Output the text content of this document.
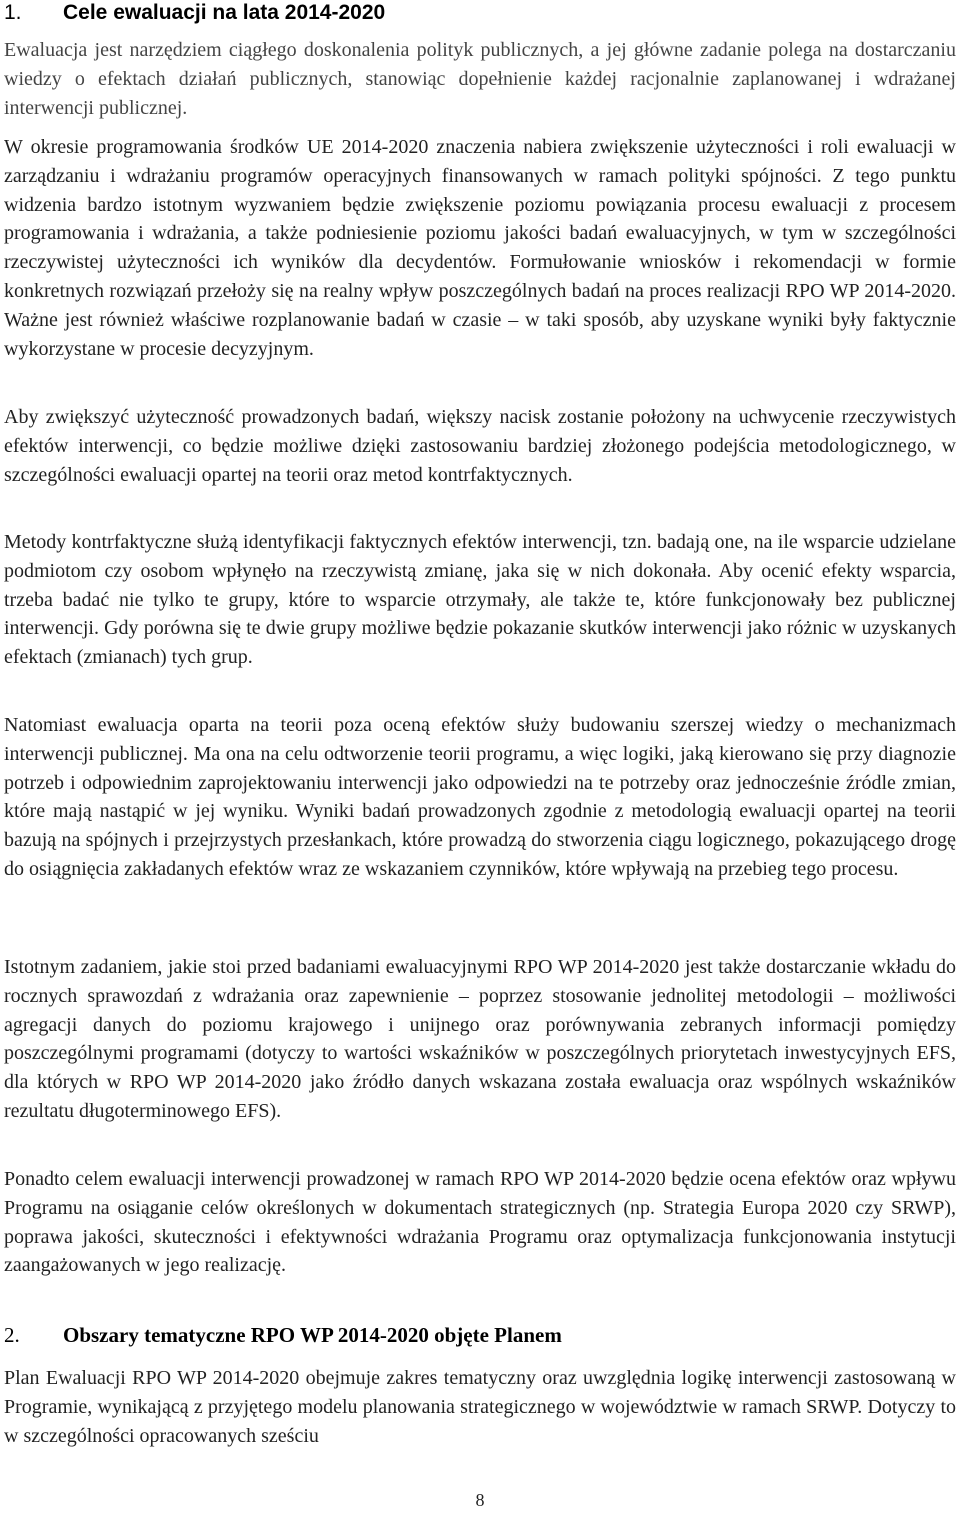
1. Cele ewaluacji na lata 2014-2020

Ewaluacja jest narzędziem ciągłego doskonalenia polityk publicznych, a jej główne zadanie polega na dostarczaniu wiedzy o efektach działań publicznych, stanowiąc dopełnienie każdej racjonalnie zaplanowanej i wdrażanej interwencji publicznej.

W okresie programowania środków UE 2014-2020 znaczenia nabiera zwiększenie użyteczności i roli ewaluacji w zarządzaniu i wdrażaniu programów operacyjnych finansowanych w ramach polityki spójności. Z tego punktu widzenia bardzo istotnym wyzwaniem będzie zwiększenie poziomu powiązania procesu ewaluacji z procesem programowania i wdrażania, a także podniesienie poziomu jakości badań ewaluacyjnych, w tym w szczególności rzeczywistej użyteczności ich wyników dla decydentów. Formułowanie wniosków i rekomendacji w formie konkretnych rozwiązań przełoży się na realny wpływ poszczególnych badań na proces realizacji RPO WP 2014-2020. Ważne jest również właściwe rozplanowanie badań w czasie – w taki sposób, aby uzyskane wyniki były faktycznie wykorzystane w procesie decyzyjnym.

Aby zwiększyć użyteczność prowadzonych badań, większy nacisk zostanie położony na uchwycenie rzeczywistych efektów interwencji, co będzie możliwe dzięki zastosowaniu bardziej złożonego podejścia metodologicznego, w szczególności ewaluacji opartej na teorii oraz metod kontrfaktycznych.

Metody kontrfaktyczne służą identyfikacji faktycznych efektów interwencji, tzn. badają one, na ile wsparcie udzielane podmiotom czy osobom wpłynęło na rzeczywistą zmianę, jaka się w nich dokonała. Aby ocenić efekty wsparcia, trzeba badać nie tylko te grupy, które to wsparcie otrzymały, ale także te, które funkcjonowały bez publicznej interwencji. Gdy porówna się te dwie grupy możliwe będzie pokazanie skutków interwencji jako różnic w uzyskanych efektach (zmianach) tych grup.

Natomiast ewaluacja oparta na teorii poza oceną efektów służy budowaniu szerszej wiedzy o mechanizmach interwencji publicznej. Ma ona na celu odtworzenie teorii programu, a więc logiki, jaką kierowano się przy diagnozie potrzeb i odpowiednim zaprojektowaniu interwencji jako odpowiedzi na te potrzeby oraz jednocześnie źródle zmian, które mają nastąpić w jej wyniku. Wyniki badań prowadzonych zgodnie z metodologią ewaluacji opartej na teorii bazują na spójnych i przejrzystych przesłankach, które prowadzą do stworzenia ciągu logicznego, pokazującego drogę do osiągnięcia zakładanych efektów wraz ze wskazaniem czynników, które wpływają na przebieg tego procesu.

Istotnym zadaniem, jakie stoi przed badaniami ewaluacyjnymi RPO WP 2014-2020 jest także dostarczanie wkładu do rocznych sprawozdań z wdrażania oraz zapewnienie – poprzez stosowanie jednolitej metodologii – możliwości agregacji danych do poziomu krajowego i unijnego oraz porównywania zebranych informacji pomiędzy poszczególnymi programami (dotyczy to wartości wskaźników w poszczególnych priorytetach inwestycyjnych EFS, dla których w RPO WP 2014-2020 jako źródło danych wskazana została ewaluacja oraz wspólnych wskaźników rezultatu długoterminowego EFS).

Ponadto celem ewaluacji interwencji prowadzonej w ramach RPO WP 2014-2020 będzie ocena efektów oraz wpływu Programu na osiąganie celów określonych w dokumentach strategicznych (np. Strategia Europa 2020 czy SRWP), poprawa jakości, skuteczności i efektywności wdrażania Programu oraz optymalizacja funkcjonowania instytucji zaangażowanych w jego realizację.

2. Obszary tematyczne RPO WP 2014-2020 objęte Planem

Plan Ewaluacji RPO WP 2014-2020 obejmuje zakres tematyczny oraz uwzględnia logikę interwencji zastosowaną w Programie, wynikającą z przyjętego modelu planowania strategicznego w województwie w ramach SRWP. Dotyczy to w szczególności opracowanych sześciu

8
